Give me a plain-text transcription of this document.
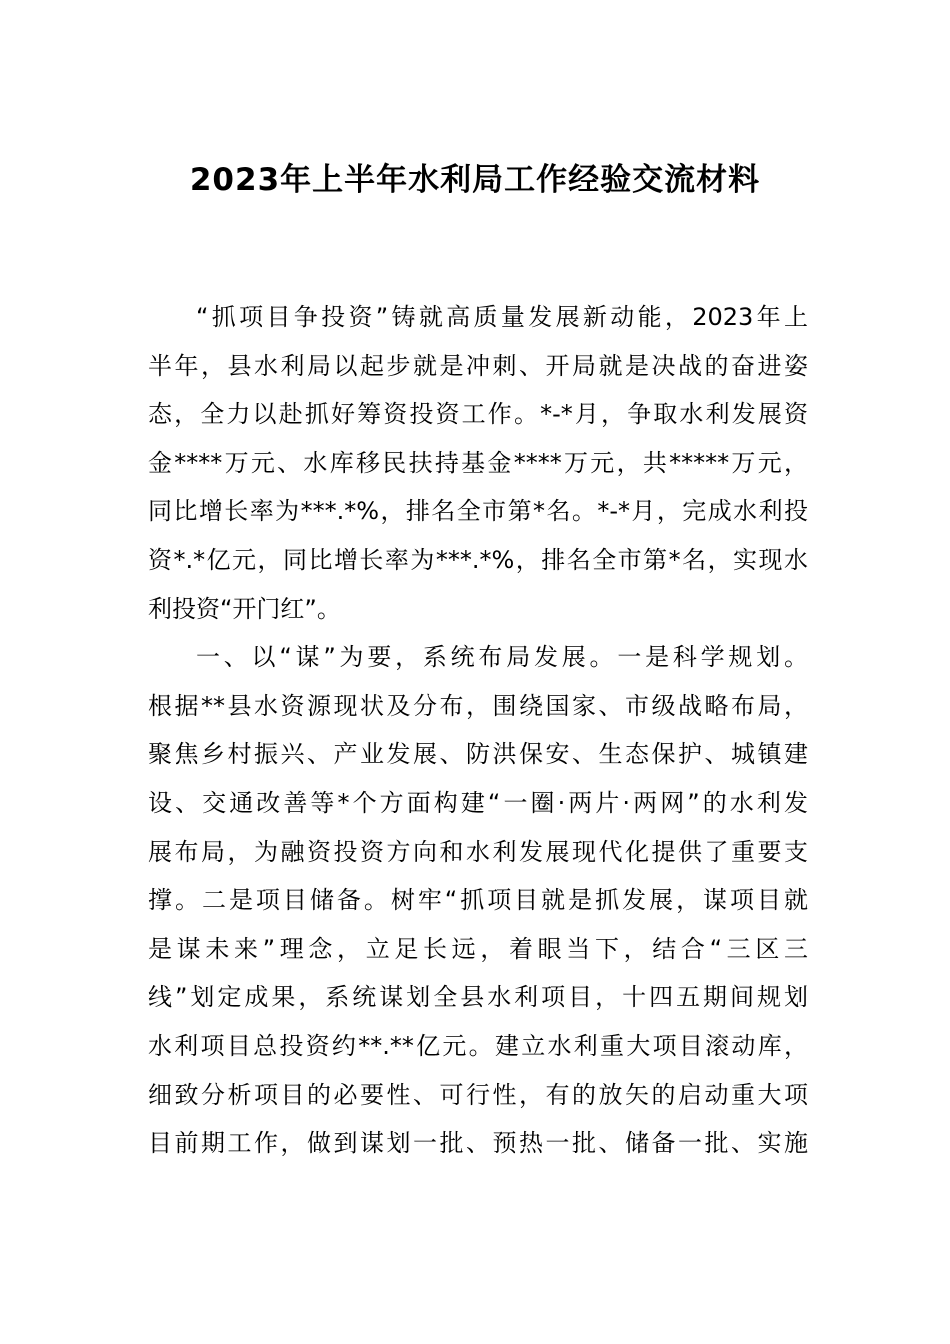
2023年上半年水利局工作经验交流材料
“抓项目争投资”铸就高质量发展新动能，2023年上
半年，县水利局以起步就是冲刺、开局就是决战的奋进姿
态，全力以赴抓好筹资投资工作。*-*月，争取水利发展资
金****万元、水库移民扶持基金****万元，共*****万元，
同比增长率为***.*%，排名全市第*名。*-*月，完成水利投
资*.*亿元，同比增长率为***.*%，排名全市第*名，实现水
利投资“开门红”。
一、以“谋”为要，系统布局发展。一是科学规划。
根据**县水资源现状及分布，围绕国家、市级战略布局，
聚焦乡村振兴、产业发展、防洪保安、生态保护、城镇建
设、交通改善等*个方面构建“一圈·两片·两网”的水利发
展布局，为融资投资方向和水利发展现代化提供了重要支
撑。二是项目储备。树牢“抓项目就是抓发展，谋项目就
是谋未来”理念，立足长远，着眼当下，结合“三区三
线”划定成果，系统谋划全县水利项目，十四五期间规划
水利项目总投资约**.**亿元。建立水利重大项目滚动库，
细致分析项目的必要性、可行性，有的放矢的启动重大项
目前期工作，做到谋划一批、预热一批、储备一批、实施
